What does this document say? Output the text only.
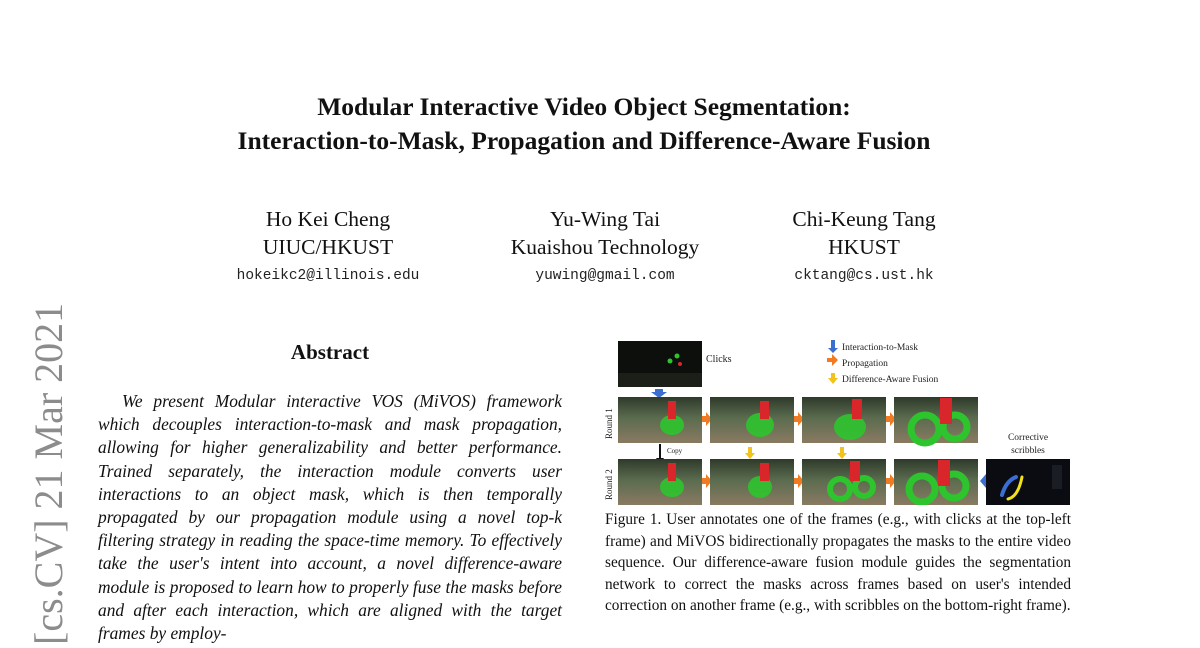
Modular Interactive Video Object Segmentation:
Interaction-to-Mask, Propagation and Difference-Aware Fusion
Ho Kei Cheng
UIUC/HKUST
hokeikc2@illinois.edu
Yu-Wing Tai
Kuaishou Technology
yuwing@gmail.com
Chi-Keung Tang
HKUST
cktang@cs.ust.hk
[cs.CV] 21 Mar 2021	Abstract
We present Modular interactive VOS (MiVOS) framework which decouples interaction-to-mask and mask propagation, allowing for higher generalizability and better performance. Trained separately, the interaction module converts user interactions to an object mask, which is then temporally propagated by our propagation module using a novel top-k filtering strategy in reading the space-time memory. To effectively take the user's intent into account, a novel difference-aware module is proposed to learn how to properly fuse the masks before and after each interaction, which are aligned with the target frames by employ-
Clicks
Interaction-to-Mask
Propagation
Difference-Aware Fusion
Round 1
Round 2
Copy
Corrective
scribbles
Figure 1. User annotates one of the frames (e.g., with clicks at the top-left frame) and MiVOS bidirectionally propagates the masks to the entire video sequence. Our difference-aware fusion module guides the segmentation network to correct the masks across frames based on user's intended correction on another frame (e.g., with scribbles on the bottom-right frame).
